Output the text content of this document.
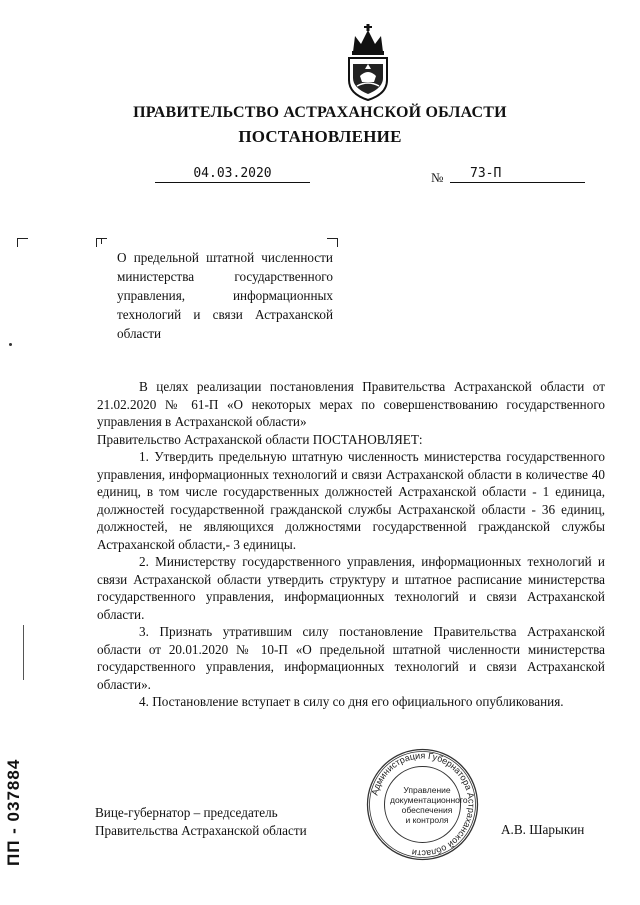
ПРАВИТЕЛЬСТВО АСТРАХАНСКОЙ ОБЛАСТИ
ПОСТАНОВЛЕНИЕ
04.03.2020	№	73-П
О предельной штатной численности министерства государственного управления, информационных технологий и связи Астраханской области

В целях реализации постановления Правительства Астраханской области от 21.02.2020 № 61-П «О некоторых мерах по совершенствованию государственного управления в Астраханской области»

Правительство Астраханской области ПОСТАНОВЛЯЕТ:

1. Утвердить предельную штатную численность министерства государственного управления, информационных технологий и связи Астраханской области в количестве 40 единиц, в том числе государственных должностей Астраханской области - 1 единица, должностей государственной гражданской службы Астраханской области - 36 единиц, должностей, не являющихся должностями государственной гражданской службы Астраханской области,- 3 единицы.

2. Министерству государственного управления, информационных технологий и связи Астраханской области утвердить структуру и штатное расписание министерства государственного управления, информационных технологий и связи Астраханской области.

3. Признать утратившим силу постановление Правительства Астраханской области от 20.01.2020 № 10-П «О предельной штатной численности министерства государственного управления, информационных технологий и связи Астраханской области».

4. Постановление вступает в силу со дня его официального опубликования.

Администрация Губернатора Астраханской области
Управление
документационного
обеспечения
и контроля
Вице-губернатор – председатель
Правительства Астраханской области	А.В. Шарыкин
ПП - 037884
